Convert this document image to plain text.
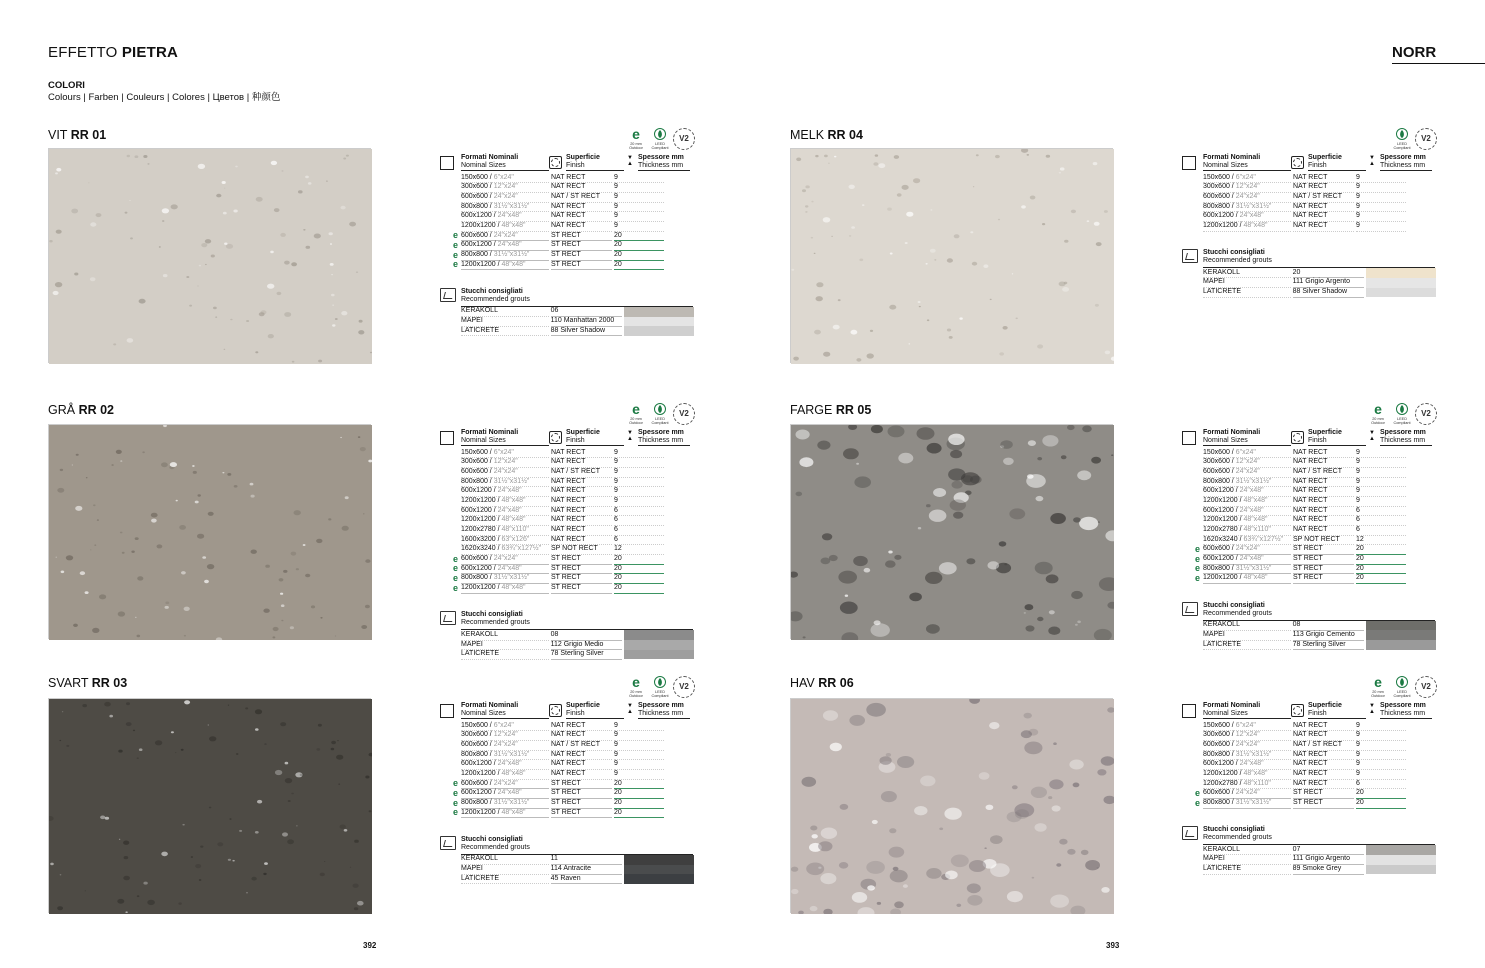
EFFETTO PIETRA	NORR
COLORI
Colours | Farben | Couleurs | Colores | Цветов | 种颜色
392	393
VIT RR 01	e
20 mm
Outdoor
LEED
Compliant
V2
Formati Nominali
Nominal Sizes
Superficie
Finish
▼
▲
Spessore mm
Thickness mm
150x600 / 6"x24"	NAT RECT	9
300x600 / 12"x24"	NAT RECT	9
600x600 / 24"x24"	NAT / ST RECT	9
800x800 / 31½"x31½"	NAT RECT	9
600x1200 / 24"x48"	NAT RECT	9
1200x1200 / 48"x48"	NAT RECT	9
e 600x600 / 24"x24"	ST RECT	20
e 600x1200 / 24"x48"	ST RECT	20
e 800x800 / 31½"x31½"	ST RECT	20
e 1200x1200 / 48"x48"	ST RECT	20
Stucchi consigliati
Recommended grouts
KERAKOLL	06
MAPEI	110 Manhattan 2000
LATICRETE	88 Silver Shadow
GRÅ RR 02	e
20 mm
Outdoor
LEED
Compliant
V2
Formati Nominali
Nominal Sizes
Superficie
Finish
▼
▲
Spessore mm
Thickness mm
150x600 / 6"x24"	NAT RECT	9
300x600 / 12"x24"	NAT RECT	9
600x600 / 24"x24"	NAT / ST RECT	9
800x800 / 31½"x31½"	NAT RECT	9
600x1200 / 24"x48"	NAT RECT	9
1200x1200 / 48"x48"	NAT RECT	9
600x1200 / 24"x48"	NAT RECT	6
1200x1200 / 48"x48"	NAT RECT	6
1200x2780 / 48"x110"	NAT RECT	6
1600x3200 / 63"x126"	NAT RECT	6
1620x3240 / 63¾"x127½"	SP NOT RECT	12
e 600x600 / 24"x24"	ST RECT	20
e 600x1200 / 24"x48"	ST RECT	20
e 800x800 / 31½"x31½"	ST RECT	20
e 1200x1200 / 48"x48"	ST RECT	20
Stucchi consigliati
Recommended grouts
KERAKOLL	08
MAPEI	112 Grigio Medio
LATICRETE	78 Sterling Silver
SVART RR 03	e
20 mm
Outdoor
LEED
Compliant
V2
Formati Nominali
Nominal Sizes
Superficie
Finish
▼
▲
Spessore mm
Thickness mm
150x600 / 6"x24"	NAT RECT	9
300x600 / 12"x24"	NAT RECT	9
600x600 / 24"x24"	NAT / ST RECT	9
800x800 / 31½"x31½"	NAT RECT	9
600x1200 / 24"x48"	NAT RECT	9
1200x1200 / 48"x48"	NAT RECT	9
e 600x600 / 24"x24"	ST RECT	20
e 600x1200 / 24"x48"	ST RECT	20
e 800x800 / 31½"x31½"	ST RECT	20
e 1200x1200 / 48"x48"	ST RECT	20
Stucchi consigliati
Recommended grouts
KERAKOLL	11
MAPEI	114 Antracite
LATICRETE	45 Raven
MELK RR 04
LEED
Compliant
V2
Formati Nominali
Nominal Sizes
Superficie
Finish
▼
▲
Spessore mm
Thickness mm
150x600 / 6"x24"	NAT RECT	9
300x600 / 12"x24"	NAT RECT	9
600x600 / 24"x24"	NAT / ST RECT	9
800x800 / 31½"x31½"	NAT RECT	9
600x1200 / 24"x48"	NAT RECT	9
1200x1200 / 48"x48"	NAT RECT	9
Stucchi consigliati
Recommended grouts
KERAKOLL	20
MAPEI	111 Grigio Argento
LATICRETE	88 Silver Shadow
FARGE RR 05	e
20 mm
Outdoor
LEED
Compliant
V2
Formati Nominali
Nominal Sizes
Superficie
Finish
▼
▲
Spessore mm
Thickness mm
150x600 / 6"x24"	NAT RECT	9
300x600 / 12"x24"	NAT RECT	9
600x600 / 24"x24"	NAT / ST RECT	9
800x800 / 31½"x31½"	NAT RECT	9
600x1200 / 24"x48"	NAT RECT	9
1200x1200 / 48"x48"	NAT RECT	9
600x1200 / 24"x48"	NAT RECT	6
1200x1200 / 48"x48"	NAT RECT	6
1200x2780 / 48"x110"	NAT RECT	6
1620x3240 / 63¾"x127½"	SP NOT RECT	12
e 600x600 / 24"x24"	ST RECT	20
e 600x1200 / 24"x48"	ST RECT	20
e 800x800 / 31½"x31½"	ST RECT	20
e 1200x1200 / 48"x48"	ST RECT	20
Stucchi consigliati
Recommended grouts
KERAKOLL	08
MAPEI	113 Grigio Cemento
LATICRETE	78 Sterling Silver
HAV RR 06	e
20 mm
Outdoor
LEED
Compliant
V2
Formati Nominali
Nominal Sizes
Superficie
Finish
▼
▲
Spessore mm
Thickness mm
150x600 / 6"x24"	NAT RECT	9
300x600 / 12"x24"	NAT RECT	9
600x600 / 24"x24"	NAT / ST RECT	9
800x800 / 31½"x31½"	NAT RECT	9
600x1200 / 24"x48"	NAT RECT	9
1200x1200 / 48"x48"	NAT RECT	9
1200x2780 / 48"x110"	NAT RECT	6
e 600x600 / 24"x24"	ST RECT	20
e 800x800 / 31½"x31½"	ST RECT	20
Stucchi consigliati
Recommended grouts
KERAKOLL	07
MAPEI	111 Grigio Argento
LATICRETE	89 Smoke Grey
